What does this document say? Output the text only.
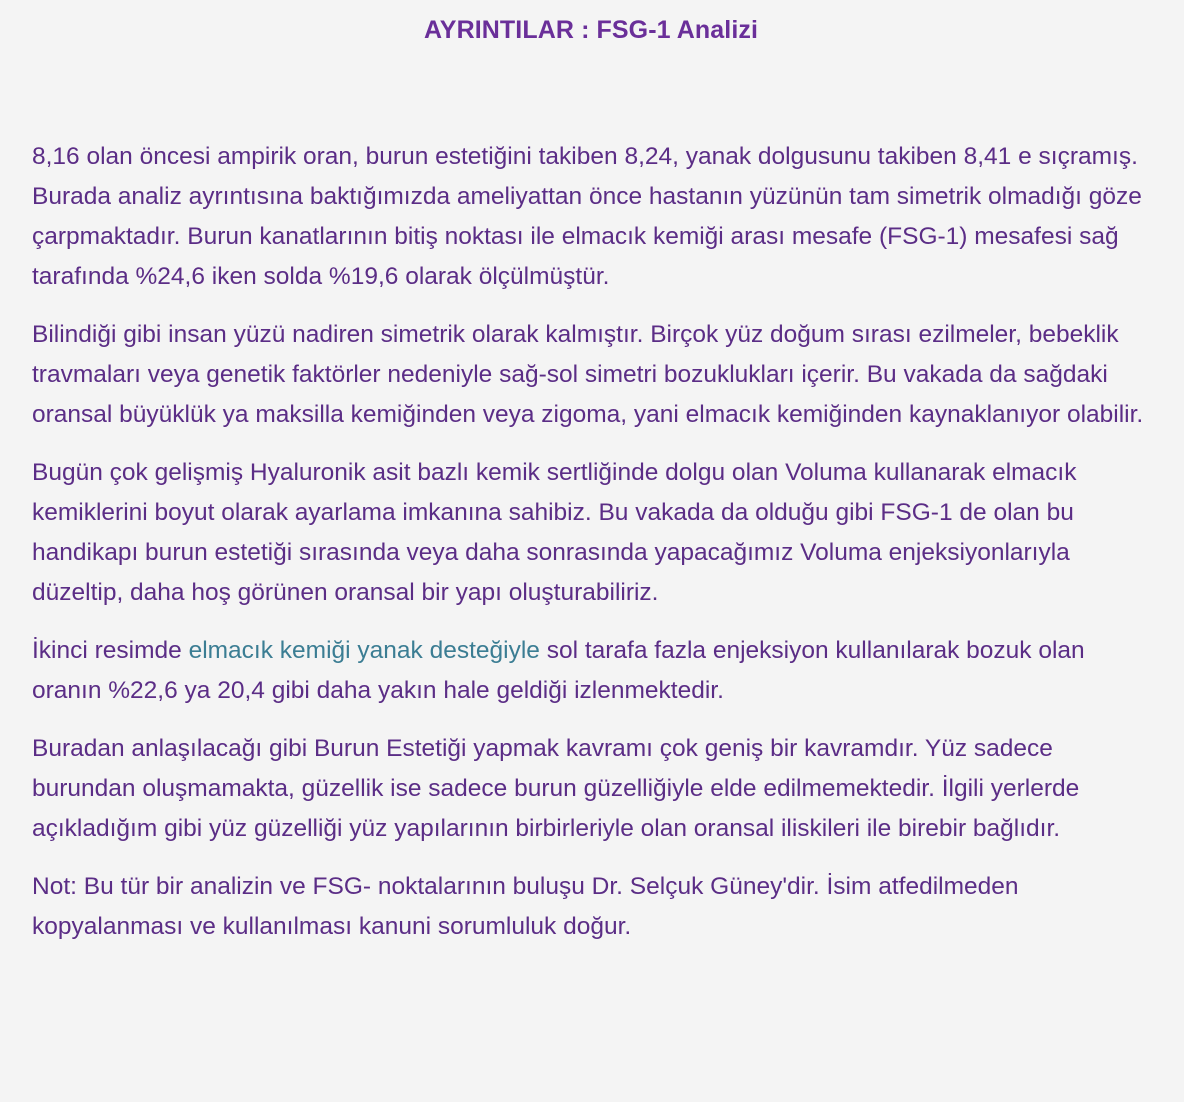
AYRINTILAR : FSG-1 Analizi

8,16 olan öncesi ampirik oran, burun estetiğini takiben 8,24, yanak dolgusunu takiben 8,41 e sıçramış. Burada analiz ayrıntısına baktığımızda ameliyattan önce hastanın yüzünün tam simetrik olmadığı göze çarpmaktadır. Burun kanatlarının bitiş noktası ile elmacık kemiği arası mesafe (FSG-1) mesafesi sağ tarafında %24,6 iken solda %19,6 olarak ölçülmüştür.

Bilindiği gibi insan yüzü nadiren simetrik olarak kalmıştır. Birçok yüz doğum sırası ezilmeler, bebeklik travmaları veya genetik faktörler nedeniyle sağ-sol simetri bozuklukları içerir. Bu vakada da sağdaki oransal büyüklük ya maksilla kemiğinden veya zigoma, yani elmacık kemiğinden kaynaklanıyor olabilir.

Bugün çok gelişmiş Hyaluronik asit bazlı kemik sertliğinde dolgu olan Voluma kullanarak elmacık kemiklerini boyut olarak ayarlama imkanına sahibiz. Bu vakada da olduğu gibi FSG-1 de olan bu handikapı burun estetiği sırasında veya daha sonrasında yapacağımız Voluma enjeksiyonlarıyla düzeltip, daha hoş görünen oransal bir yapı oluşturabiliriz.

İkinci resimde elmacık kemiği yanak desteğiyle sol tarafa fazla enjeksiyon kullanılarak bozuk olan oranın %22,6 ya 20,4 gibi daha yakın hale geldiği izlenmektedir.

Buradan anlaşılacağı gibi Burun Estetiği yapmak kavramı çok geniş bir kavramdır. Yüz sadece burundan oluşmamakta, güzellik ise sadece burun güzelliğiyle elde edilmemektedir. İlgili yerlerde açıkladığım gibi yüz güzelliği yüz yapılarının birbirleriyle olan oransal iliskileri ile birebir bağlıdır.

Not: Bu tür bir analizin ve FSG- noktalarının buluşu Dr. Selçuk Güney'dir. İsim atfedilmeden kopyalanması ve kullanılması kanuni sorumluluk doğur.
